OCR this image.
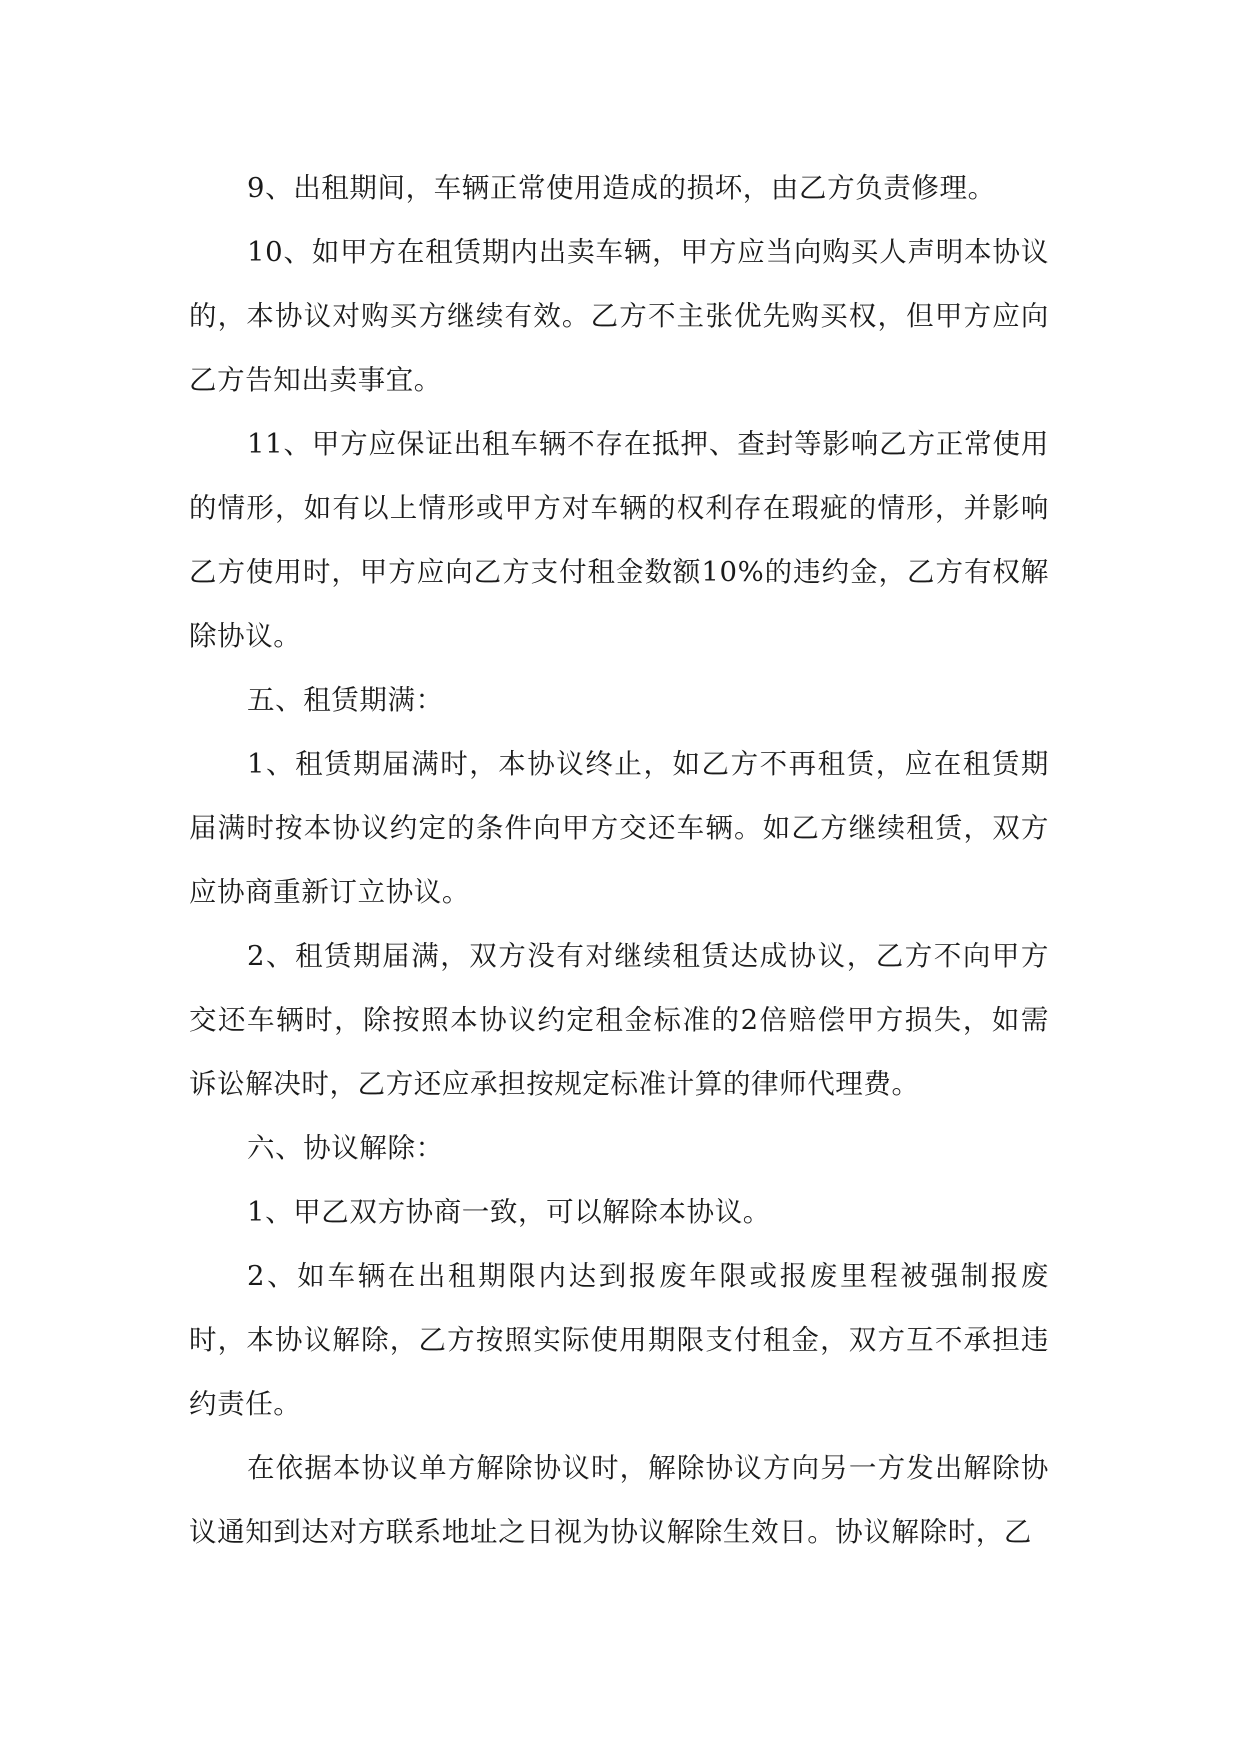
9、出租期间，车辆正常使用造成的损坏，由乙方负责修理。

10、如甲方在租赁期内出卖车辆，甲方应当向购买人声明本协议的，本协议对购买方继续有效。乙方不主张优先购买权，但甲方应向乙方告知出卖事宜。

11、甲方应保证出租车辆不存在抵押、查封等影响乙方正常使用的情形，如有以上情形或甲方对车辆的权利存在瑕疵的情形，并影响乙方使用时，甲方应向乙方支付租金数额10%的违约金，乙方有权解除协议。

五、租赁期满：

1、租赁期届满时，本协议终止，如乙方不再租赁，应在租赁期届满时按本协议约定的条件向甲方交还车辆。如乙方继续租赁，双方应协商重新订立协议。

2、租赁期届满，双方没有对继续租赁达成协议，乙方不向甲方交还车辆时，除按照本协议约定租金标准的2倍赔偿甲方损失，如需诉讼解决时，乙方还应承担按规定标准计算的律师代理费。

六、协议解除：

1、甲乙双方协商一致，可以解除本协议。

2、如车辆在出租期限内达到报废年限或报废里程被强制报废时，本协议解除，乙方按照实际使用期限支付租金，双方互不承担违约责任。

在依据本协议单方解除协议时，解除协议方向另一方发出解除协议通知到达对方联系地址之日视为协议解除生效日。协议解除时，乙
